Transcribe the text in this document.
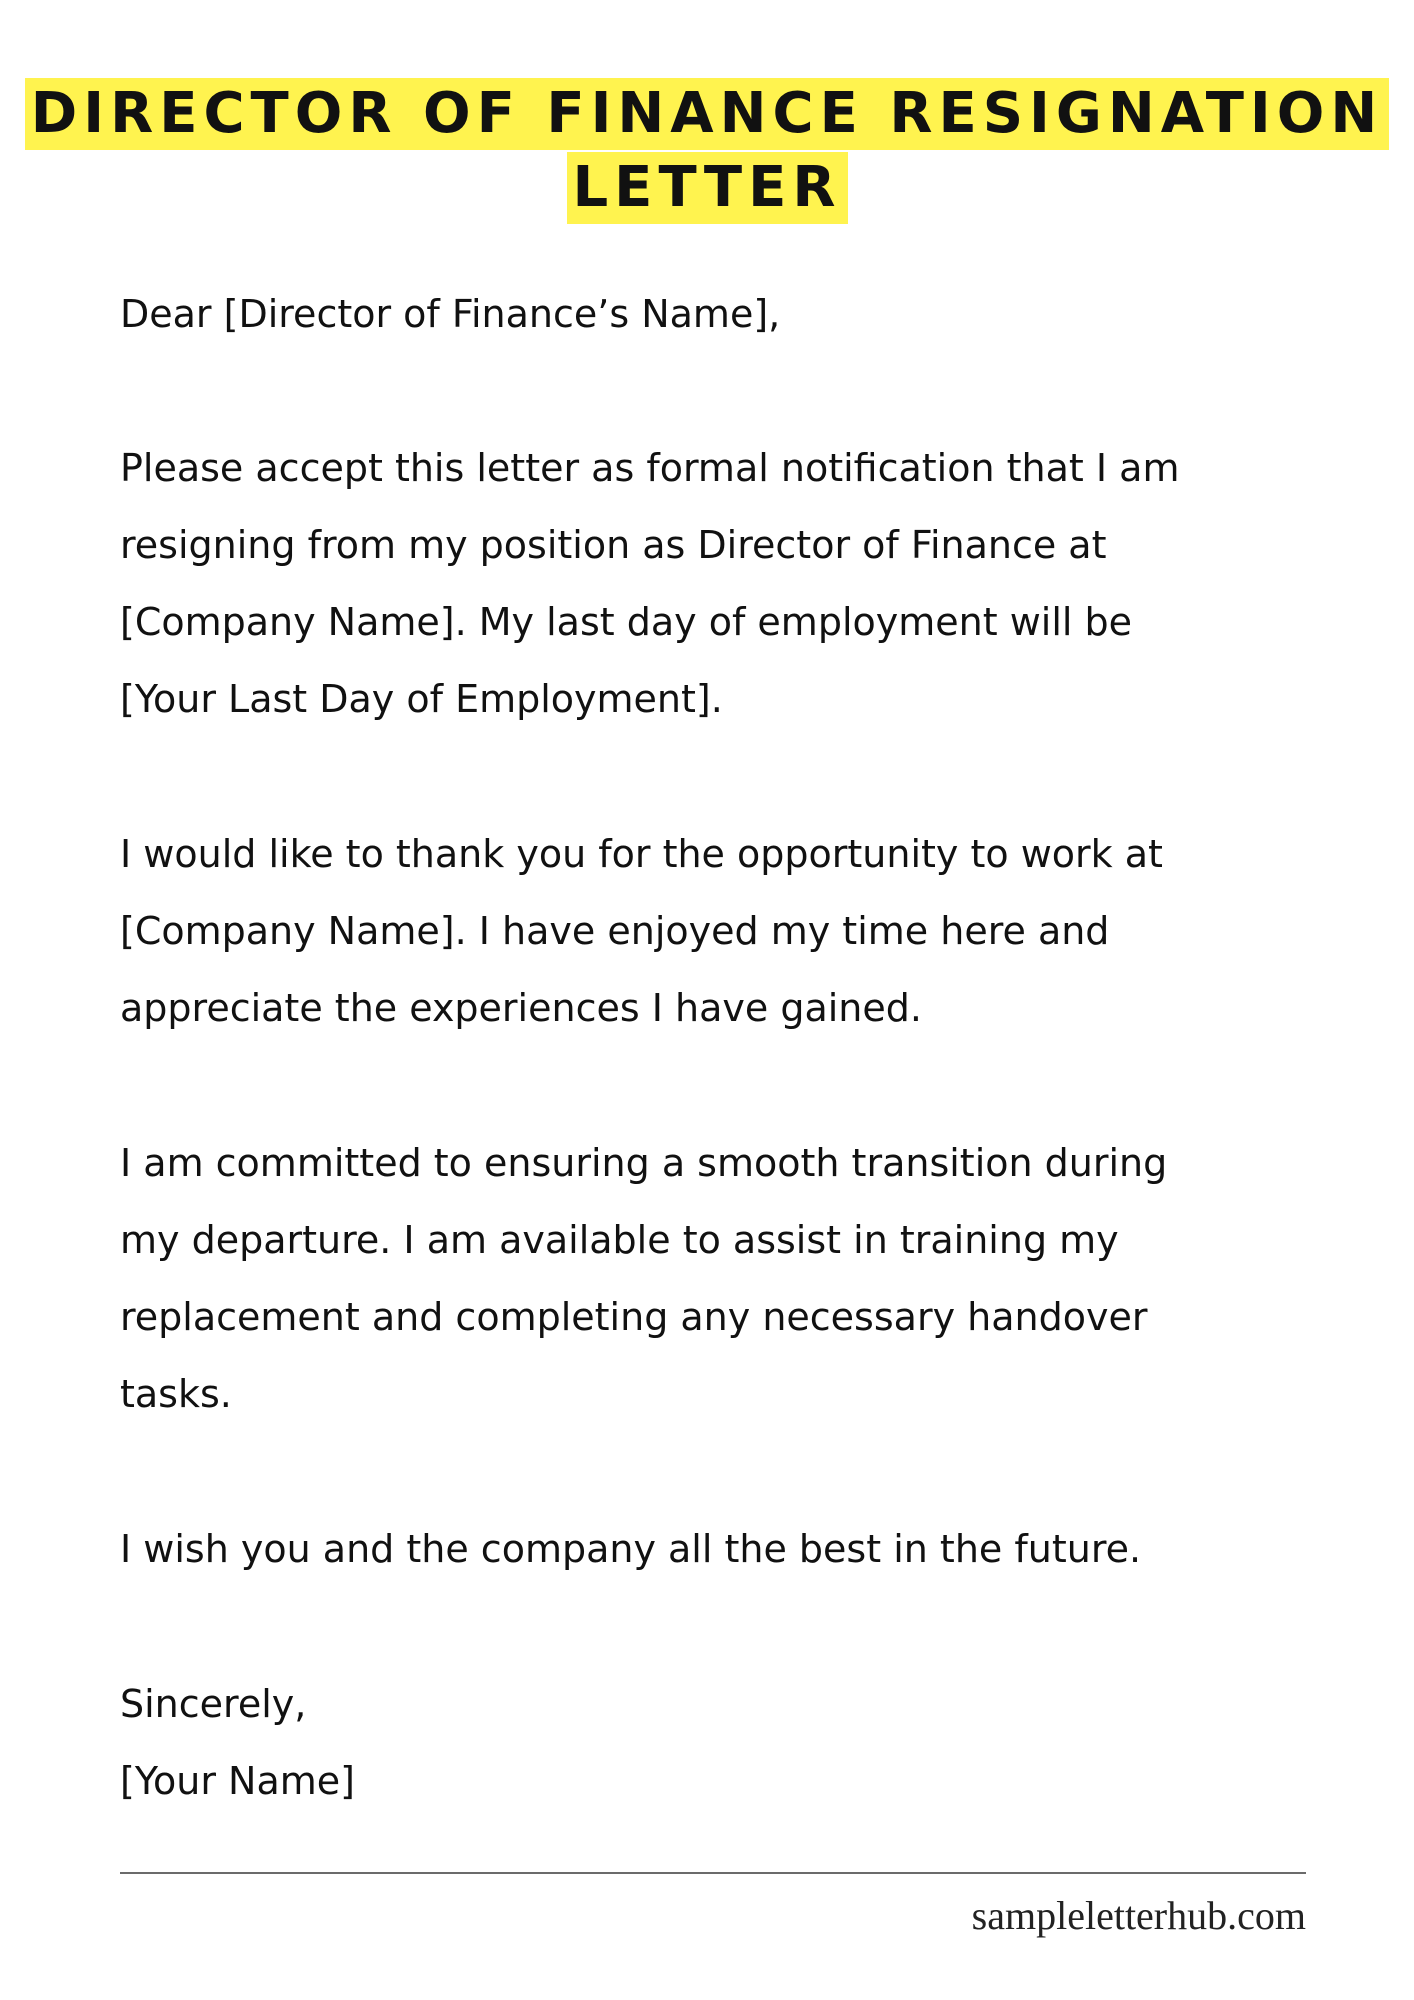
DIRECTOR OF FINANCE RESIGNATION
LETTER
Dear [Director of Finance’s Name],
Please accept this letter as formal notification that I am
resigning from my position as Director of Finance at
[Company Name]. My last day of employment will be
[Your Last Day of Employment].
I would like to thank you for the opportunity to work at
[Company Name]. I have enjoyed my time here and
appreciate the experiences I have gained.
I am committed to ensuring a smooth transition during
my departure. I am available to assist in training my
replacement and completing any necessary handover
tasks.
I wish you and the company all the best in the future.
Sincerely,
[Your Name]
sampleletterhub.com
